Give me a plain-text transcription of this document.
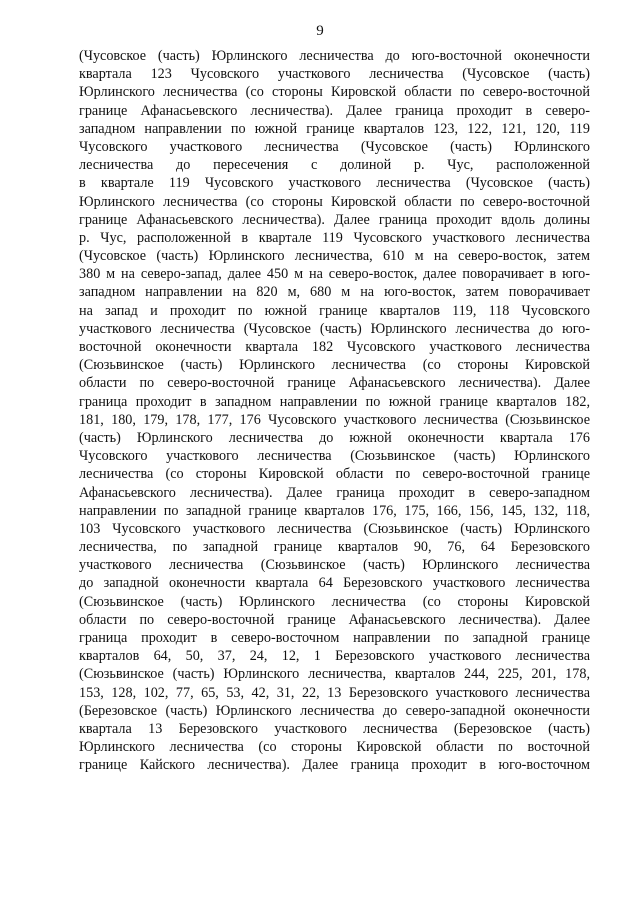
9
(Чусовское (часть) Юрлинского лесничества до юго-восточной оконечности
квартала 123 Чусовского участкового лесничества (Чусовское (часть)
Юрлинского лесничества (со стороны Кировской области по северо-восточной
границе Афанасьевского лесничества). Далее граница проходит в северо-
западном направлении по южной границе кварталов 123, 122, 121, 120, 119
Чусовского участкового лесничества (Чусовское (часть) Юрлинского
лесничества до пересечения с долиной р. Чус, расположенной
в квартале 119 Чусовского участкового лесничества (Чусовское (часть)
Юрлинского лесничества (со стороны Кировской области по северо-восточной
границе Афанасьевского лесничества). Далее граница проходит вдоль долины
р. Чус, расположенной в квартале 119 Чусовского участкового лесничества
(Чусовское (часть) Юрлинского лесничества, 610 м на северо-восток, затем
380 м на северо-запад, далее 450 м на северо-восток, далее поворачивает в юго-
западном направлении на 820 м, 680 м на юго-восток, затем поворачивает
на запад и проходит по южной границе кварталов 119, 118 Чусовского
участкового лесничества (Чусовское (часть) Юрлинского лесничества до юго-
восточной оконечности квартала 182 Чусовского участкового лесничества
(Сюзьвинское (часть) Юрлинского лесничества (со стороны Кировской
области по северо-восточной границе Афанасьевского лесничества). Далее
граница проходит в западном направлении по южной границе кварталов 182,
181, 180, 179, 178, 177, 176 Чусовского участкового лесничества (Сюзьвинское
(часть) Юрлинского лесничества до южной оконечности квартала 176
Чусовского участкового лесничества (Сюзьвинское (часть) Юрлинского
лесничества (со стороны Кировской области по северо-восточной границе
Афанасьевского лесничества). Далее граница проходит в северо-западном
направлении по западной границе кварталов 176, 175, 166, 156, 145, 132, 118,
103 Чусовского участкового лесничества (Сюзьвинское (часть) Юрлинского
лесничества, по западной границе кварталов 90, 76, 64 Березовского
участкового лесничества (Сюзьвинское (часть) Юрлинского лесничества
до западной оконечности квартала 64 Березовского участкового лесничества
(Сюзьвинское (часть) Юрлинского лесничества (со стороны Кировской
области по северо-восточной границе Афанасьевского лесничества). Далее
граница проходит в северо-восточном направлении по западной границе
кварталов 64, 50, 37, 24, 12, 1 Березовского участкового лесничества
(Сюзьвинское (часть) Юрлинского лесничества, кварталов 244, 225, 201, 178,
153, 128, 102, 77, 65, 53, 42, 31, 22, 13 Березовского участкового лесничества
(Березовское (часть) Юрлинского лесничества до северо-западной оконечности
квартала 13 Березовского участкового лесничества (Березовское (часть)
Юрлинского лесничества (со стороны Кировской области по восточной
границе Кайского лесничества). Далее граница проходит в юго-восточном
